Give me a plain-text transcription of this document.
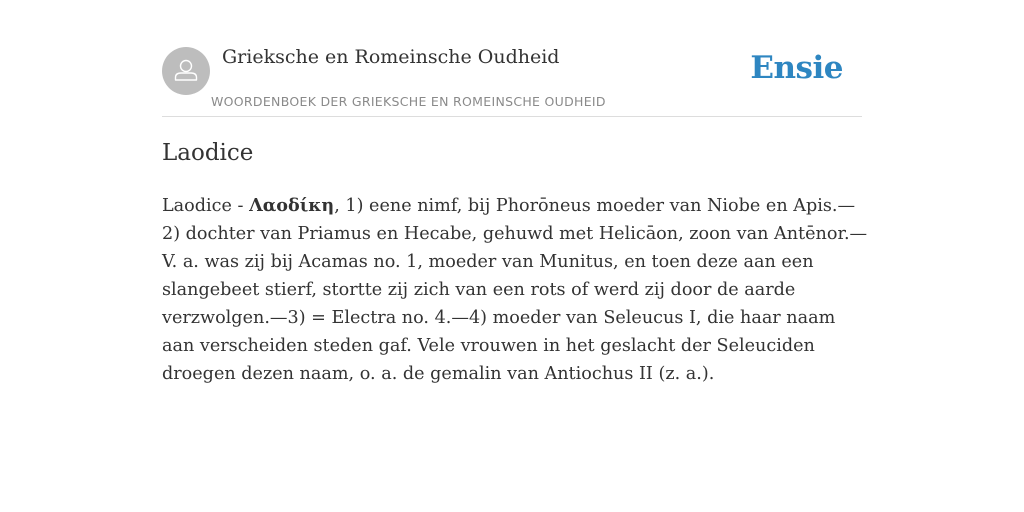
Grieksche en Romeinsche Oudheid
WOORDENBOEK DER GRIEKSCHE EN ROMEINSCHE OUDHEID
Ensie
Laodice

Laodice - Λαοδίκη, 1) eene nimf, bij Phorōneus moeder van Niobe en Apis.—2) dochter van Priamus en Hecabe, gehuwd met Helicāon, zoon van Antēnor.—V. a. was zij bij Acamas no. 1, moeder van Munitus, en toen deze aan een slangebeet stierf, stortte zij zich van een rots of werd zij door de aarde verzwolgen.—3) = Electra no. 4.—4) moeder van Seleucus I, die haar naam aan verscheiden steden gaf. Vele vrouwen in het geslacht der Seleuciden droegen dezen naam, o. a. de gemalin van Antiochus II (z. a.).
